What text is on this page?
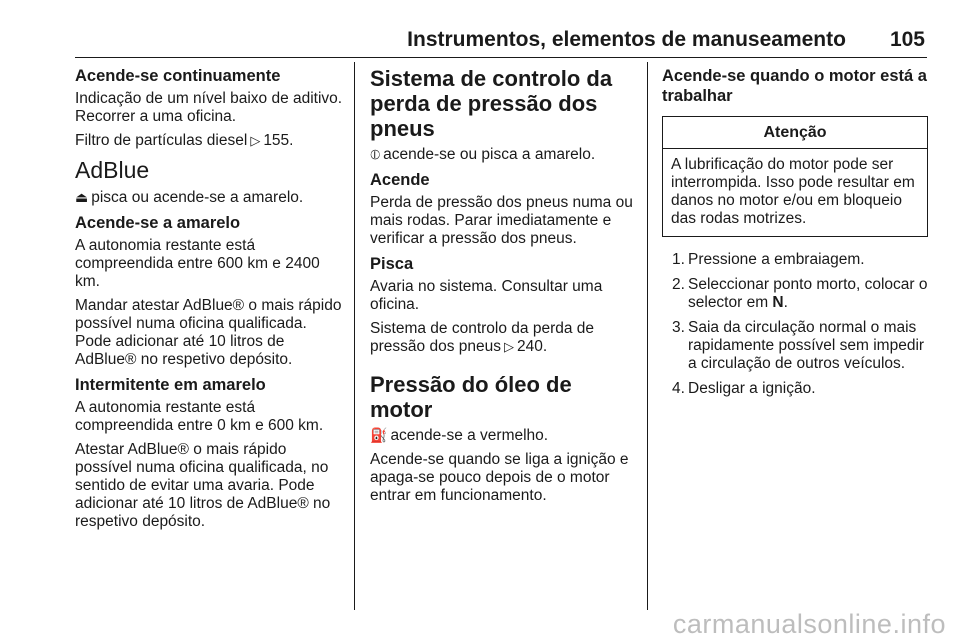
Instrumentos, elementos de manuseamento 105
Acende-se continuamente

Indicação de um nível baixo de aditivo. Recorrer a uma oficina.

Filtro de partículas diesel ▷ 155.

AdBlue

⏏ pisca ou acende-se a amarelo.

Acende-se a amarelo

A autonomia restante está compreendida entre 600 km e 2400 km.

Mandar atestar AdBlue® o mais rápido possível numa oficina qualificada. Pode adicionar até 10 litros de AdBlue® no respetivo depósito.

Intermitente em amarelo

A autonomia restante está compreendida entre 0 km e 600 km.

Atestar AdBlue® o mais rápido possível numa oficina qualificada, no sentido de evitar uma avaria. Pode adicionar até 10 litros de AdBlue® no respetivo depósito.

Sistema de controlo da perda de pressão dos pneus

⦶ acende-se ou pisca a amarelo.

Acende

Perda de pressão dos pneus numa ou mais rodas. Parar imediatamente e verificar a pressão dos pneus.

Pisca

Avaria no sistema. Consultar uma oficina.

Sistema de controlo da perda de pressão dos pneus ▷ 240.

Pressão do óleo de motor

⛽ acende-se a vermelho.

Acende-se quando se liga a ignição e apaga-se pouco depois de o motor entrar em funcionamento.

Acende-se quando o motor está a trabalhar
Atenção
A lubrificação do motor pode ser interrompida. Isso pode resultar em danos no motor e/ou em bloqueio das rodas motrizes.
1. Pressione a embraiagem.
2. Seleccionar ponto morto, colocar o selector em N.
3. Saia da circulação normal o mais rapidamente possível sem impedir a circulação de outros veículos.
4. Desligar a ignição.
carmanualsonline.info
